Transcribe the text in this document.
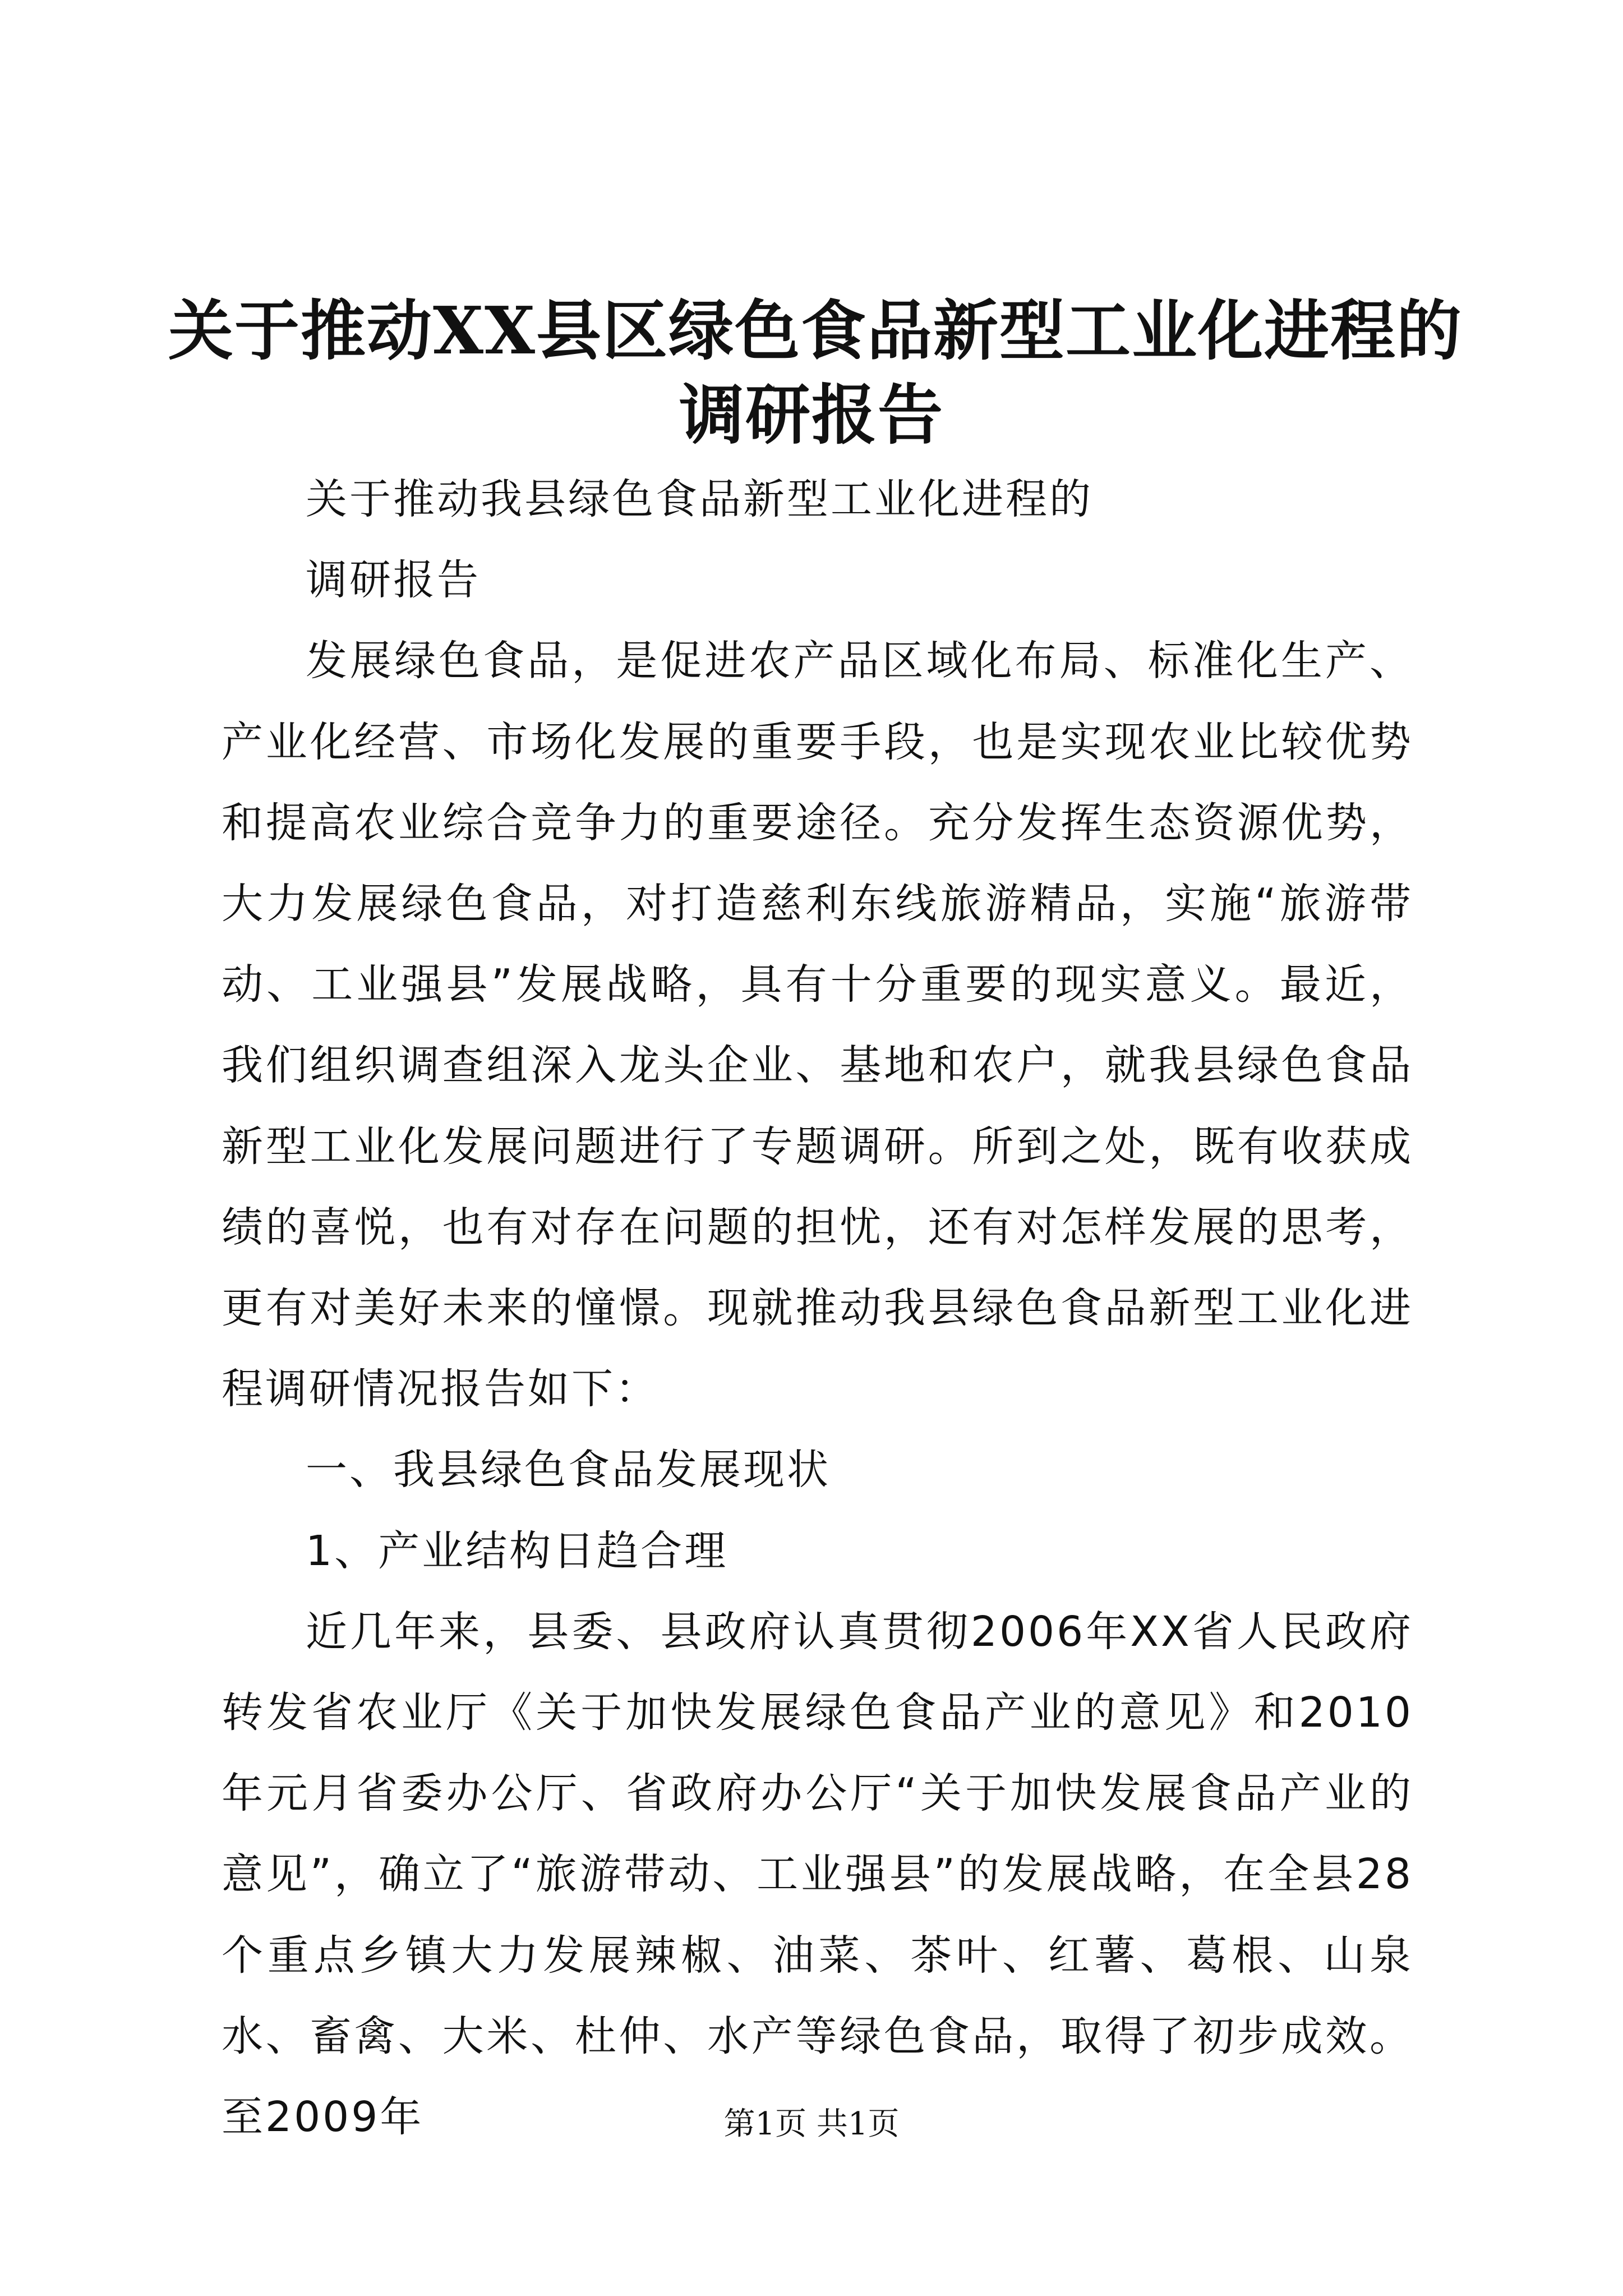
关于推动XX县区绿色食品新型工业化进程的
调研报告

关于推动我县绿色食品新型工业化进程的

调研报告

发展绿色食品，是促进农产品区域化布局、标准化生产、产业化经营、市场化发展的重要手段，也是实现农业比较优势和提高农业综合竞争力的重要途径。充分发挥生态资源优势，大力发展绿色食品，对打造慈利东线旅游精品，实施“旅游带动、工业强县”发展战略，具有十分重要的现实意义。最近，我们组织调查组深入龙头企业、基地和农户，就我县绿色食品新型工业化发展问题进行了专题调研。所到之处，既有收获成绩的喜悦，也有对存在问题的担忧，还有对怎样发展的思考，更有对美好未来的憧憬。现就推动我县绿色食品新型工业化进程调研情况报告如下：

一、我县绿色食品发展现状

1、产业结构日趋合理

近几年来，县委、县政府认真贯彻2006年XX省人民政府转发省农业厅《关于加快发展绿色食品产业的意见》和2010年元月省委办公厅、省政府办公厅“关于加快发展食品产业的意见”，确立了“旅游带动、工业强县”的发展战略，在全县28个重点乡镇大力发展辣椒、油菜、茶叶、红薯、葛根、山泉水、畜禽、大米、杜仲、水产等绿色食品，取得了初步成效。至2009年	第1页 共1页
